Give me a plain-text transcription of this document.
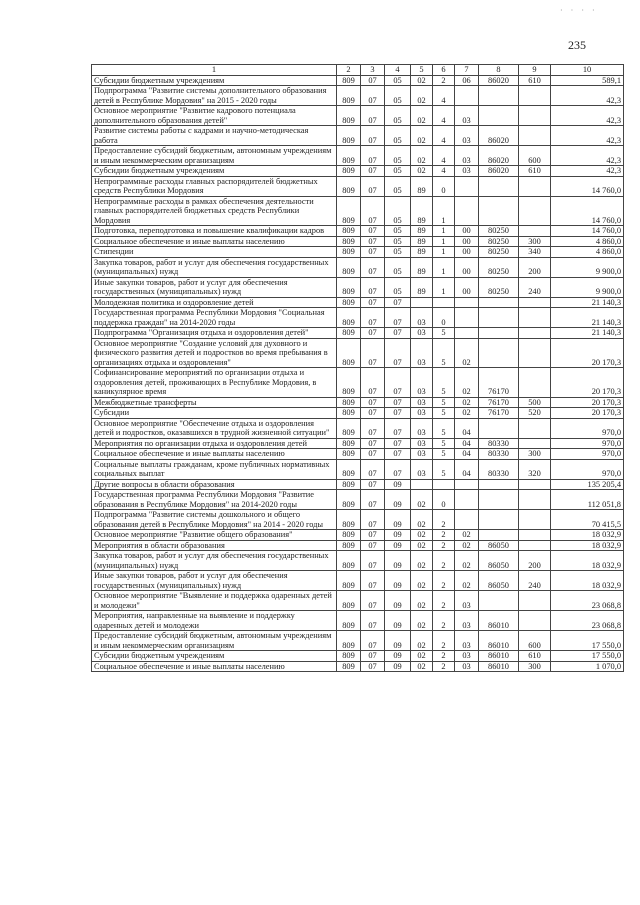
· · · ·
235
1	2	3	4	5	6	7	8	9	10
Субсидии бюджетным учреждениям	809	07	05	02	2	06	86020	610	589,1
Подпрограмма "Развитие системы дополнительного образования детей в Республике Мордовия" на 2015 - 2020 годы	809	07	05	02	4				42,3
Основное мероприятие "Развитие кадрового потенциала дополнительного образования детей"	809	07	05	02	4	03			42,3
Развитие системы работы с кадрами и научно-методическая работа	809	07	05	02	4	03	86020		42,3
Предоставление субсидий бюджетным, автономным учреждениям и иным некоммерческим организациям	809	07	05	02	4	03	86020	600	42,3
Субсидии бюджетным учреждениям	809	07	05	02	4	03	86020	610	42,3
Непрограммные расходы главных распорядителей бюджетных средств Республики Мордовия	809	07	05	89	0				14 760,0
Непрограммные расходы в рамках обеспечения деятельности главных распорядителей бюджетных средств Республики Мордовия	809	07	05	89	1				14 760,0
Подготовка, переподготовка и повышение квалификации кадров	809	07	05	89	1	00	80250		14 760,0
Социальное обеспечение и иные выплаты населению	809	07	05	89	1	00	80250	300	4 860,0
Стипендии	809	07	05	89	1	00	80250	340	4 860,0
Закупка товаров, работ и услуг для обеспечения государственных (муниципальных) нужд	809	07	05	89	1	00	80250	200	9 900,0
Иные закупки товаров, работ и услуг для обеспечения государственных (муниципальных) нужд	809	07	05	89	1	00	80250	240	9 900,0
Молодежная политика и оздоровление детей	809	07	07						21 140,3
Государственная программа Республики Мордовия "Социальная поддержка граждан" на 2014-2020 годы	809	07	07	03	0				21 140,3
Подпрограмма "Организация отдыха и оздоровления детей"	809	07	07	03	5				21 140,3
Основное мероприятие "Создание условий для духовного и физического развития детей и подростков во время пребывания в организациях отдыха и оздоровления"	809	07	07	03	5	02			20 170,3
Софинансирование мероприятий по организации отдыха и оздоровления детей, проживающих в Республике Мордовия, в каникулярное время	809	07	07	03	5	02	76170		20 170,3
Межбюджетные трансферты	809	07	07	03	5	02	76170	500	20 170,3
Субсидии	809	07	07	03	5	02	76170	520	20 170,3
Основное мероприятие "Обеспечение отдыха и оздоровления детей и подростков, оказавшихся в трудной жизненной ситуации"	809	07	07	03	5	04			970,0
Мероприятия по организации отдыха и оздоровления детей	809	07	07	03	5	04	80330		970,0
Социальное обеспечение и иные выплаты населению	809	07	07	03	5	04	80330	300	970,0
Социальные выплаты гражданам, кроме публичных нормативных социальных выплат	809	07	07	03	5	04	80330	320	970,0
Другие вопросы в области образования	809	07	09						135 205,4
Государственная программа Республики Мордовия "Развитие образования в Республике Мордовия" на 2014-2020 годы	809	07	09	02	0				112 051,8
Подпрограмма "Развитие системы дошкольного и общего образования детей в Республике Мордовия" на 2014 - 2020 годы	809	07	09	02	2				70 415,5
Основное мероприятие "Развитие общего образования"	809	07	09	02	2	02			18 032,9
Мероприятия в области образования	809	07	09	02	2	02	86050		18 032,9
Закупка товаров, работ и услуг для обеспечения государственных (муниципальных) нужд	809	07	09	02	2	02	86050	200	18 032,9
Иные закупки товаров, работ и услуг для обеспечения государственных (муниципальных) нужд	809	07	09	02	2	02	86050	240	18 032,9
Основное мероприятие "Выявление и поддержка одаренных детей и молодежи"	809	07	09	02	2	03			23 068,8
Мероприятия, направленные на выявление и поддержку одаренных детей и молодежи	809	07	09	02	2	03	86010		23 068,8
Предоставление субсидий бюджетным, автономным учреждениям и иным некоммерческим организациям	809	07	09	02	2	03	86010	600	17 550,0
Субсидии бюджетным учреждениям	809	07	09	02	2	03	86010	610	17 550,0
Социальное обеспечение и иные выплаты населению	809	07	09	02	2	03	86010	300	1 070,0
